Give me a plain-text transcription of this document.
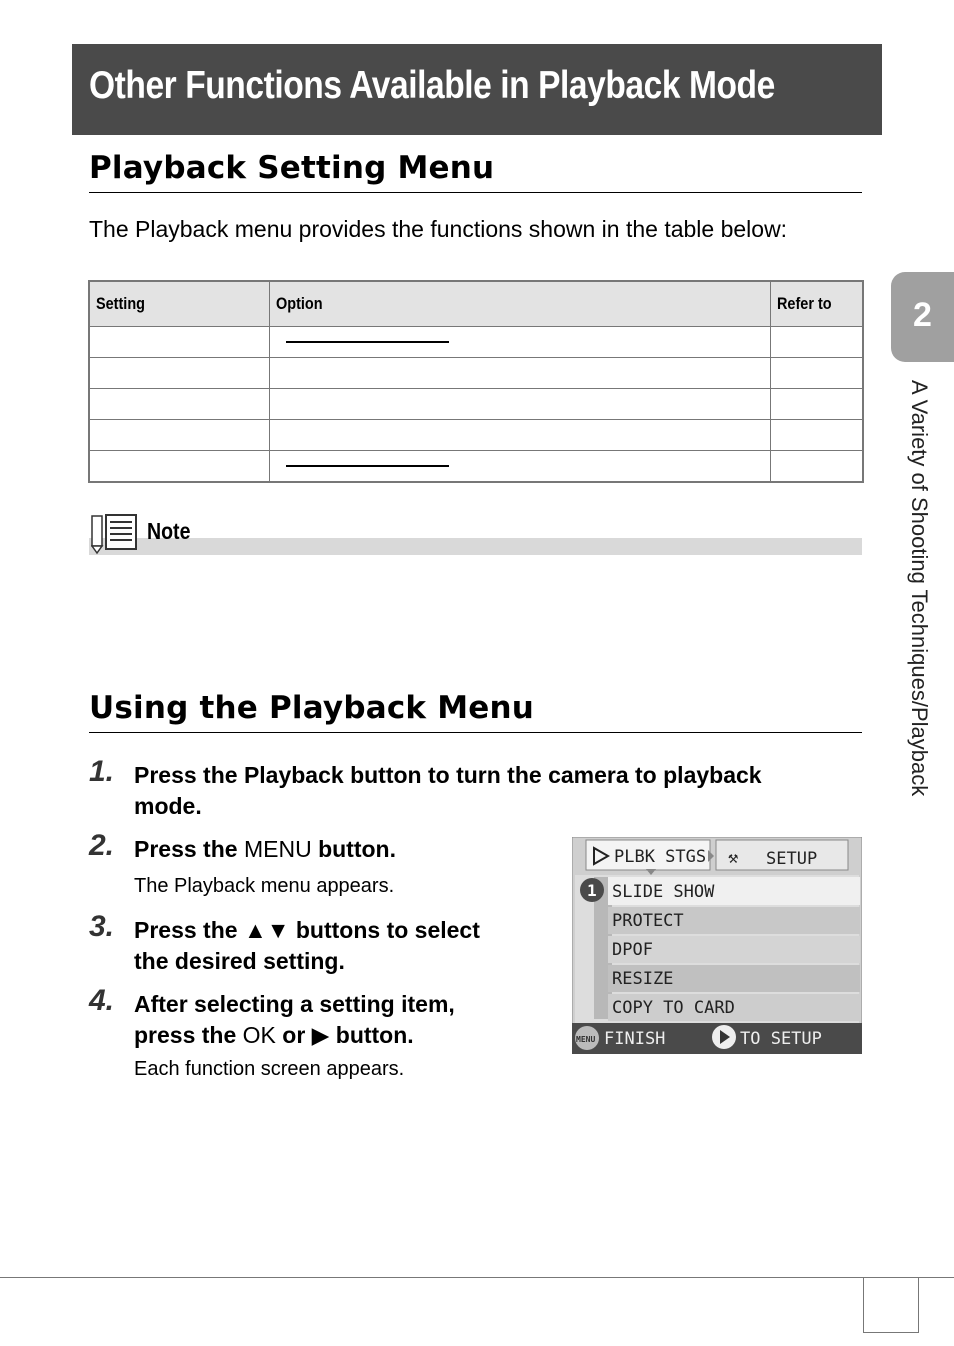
Other Functions Available in Playback Mode
Playback Setting Menu

The Playback menu provides the functions shown in the table below:

Setting	Option	Refer to

Note
Using the Playback Menu
1. Press the Playback button to turn the camera to playback
mode.
2. Press the MENU button.
The Playback menu appears.
3. Press the ▲▼ buttons to select
the desired setting.
4. After selecting a setting item,
press the OK or ▶ button.
Each function screen appears.
PLBK STGS ⚒ SETUP
1 SLIDE SHOW
PROTECT
DPOF
RESIZE
COPY TO CARD
MENU FINISH	TO SETUP
2
A Variety of Shooting Techniques/Playback
